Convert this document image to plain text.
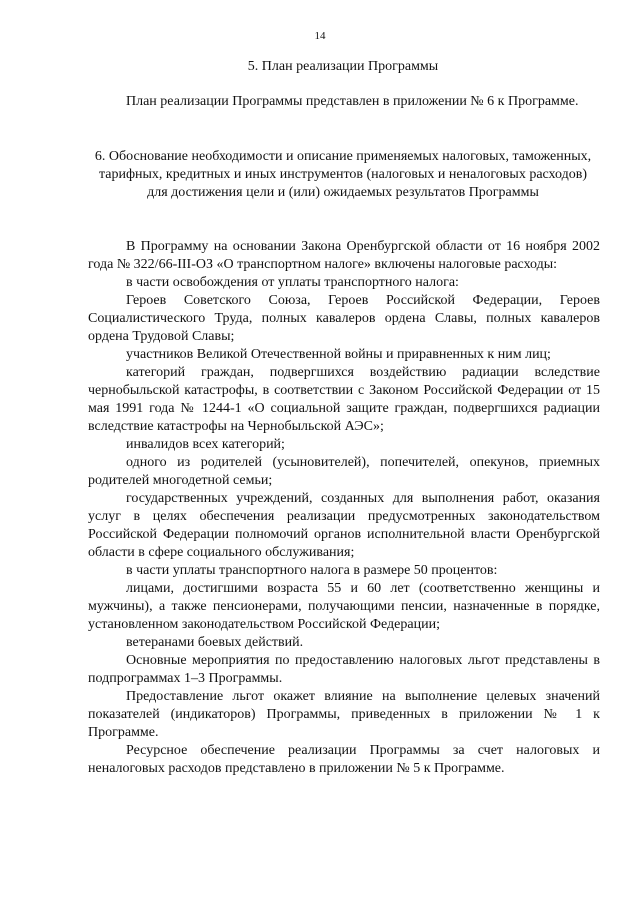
14
5. План реализации Программы
План реализации Программы представлен в приложении № 6 к Программе.
6. Обоснование необходимости и описание применяемых налоговых, таможенных, тарифных, кредитных и иных инструментов (налоговых и неналоговых расходов) для достижения цели и (или) ожидаемых результатов Программы

В Программу на основании Закона Оренбургской области от 16 ноября 2002 года № 322/66-III-ОЗ «О транспортном налоге» включены налоговые расходы:

в части освобождения от уплаты транспортного налога:

Героев Советского Союза, Героев Российской Федерации, Героев Социалистического Труда, полных кавалеров ордена Славы, полных кавалеров ордена Трудовой Славы;

участников Великой Отечественной войны и приравненных к ним лиц;

категорий граждан, подвергшихся воздействию радиации вследствие чернобыльской катастрофы, в соответствии с Законом Российской Федерации от 15 мая 1991 года № 1244-1 «О социальной защите граждан, подвергшихся радиации вследствие катастрофы на Чернобыльской АЭС»;

инвалидов всех категорий;

одного из родителей (усыновителей), попечителей, опекунов, приемных родителей многодетной семьи;

государственных учреждений, созданных для выполнения работ, оказания услуг в целях обеспечения реализации предусмотренных законодательством Российской Федерации полномочий органов исполнительной власти Оренбургской области в сфере социального обслуживания;

в части уплаты транспортного налога в размере 50 процентов:

лицами, достигшими возраста 55 и 60 лет (соответственно женщины и мужчины), а также пенсионерами, получающими пенсии, назначенные в порядке, установленном законодательством Российской Федерации;

ветеранами боевых действий.

Основные мероприятия по предоставлению налоговых льгот представлены в подпрограммах 1–3 Программы.

Предоставление льгот окажет влияние на выполнение целевых значений показателей (индикаторов) Программы, приведенных в приложении № 1 к Программе.

Ресурсное обеспечение реализации Программы за счет налоговых и неналоговых расходов представлено в приложении № 5 к Программе.
